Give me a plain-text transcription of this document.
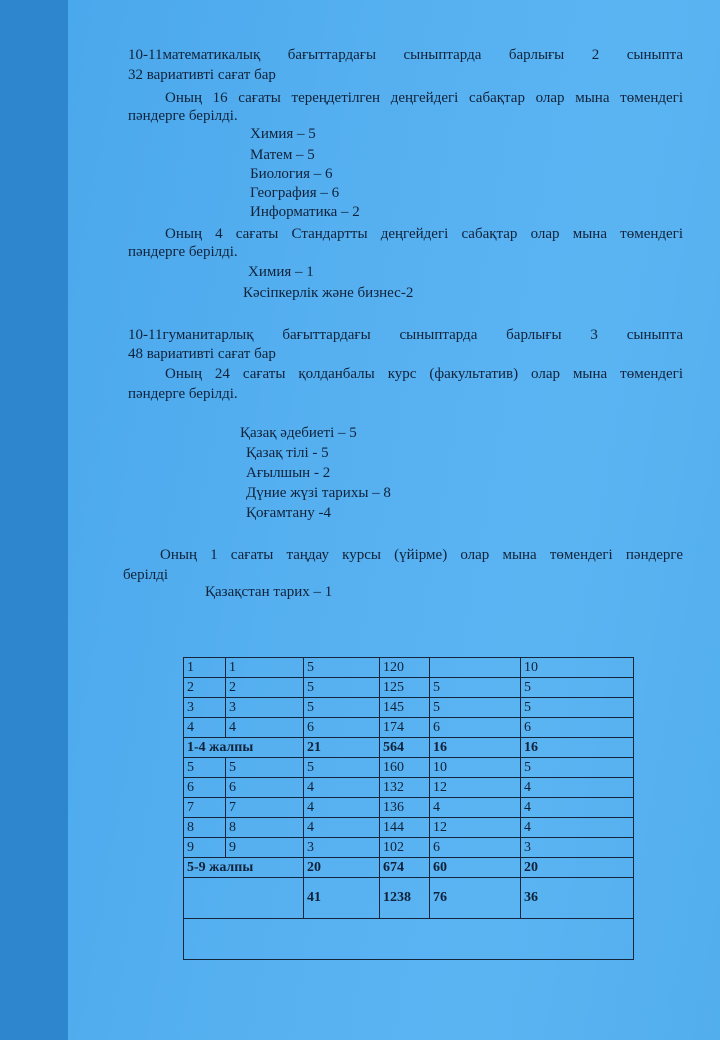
10-11математикалық бағыттардағы сыныптарда барлығы 2 сыныпта
32 вариативті сағат бар
Оның 16 сағаты тереңдетілген деңгейдегі сабақтар олар мына төмендегі
пәндерге берілді.
Химия – 5
Матем – 5
Биология – 6
География – 6
Информатика – 2
Оның 4 сағаты Стандартты деңгейдегі сабақтар олар мына төмендегі
пәндерге берілді.
Химия – 1
Кәсіпкерлік және бизнес-2
10-11гуманитарлық бағыттардағы сыныптарда барлығы 3 сыныпта
48 вариативті сағат бар
Оның 24 сағаты қолданбалы курс (факультатив) олар мына төмендегі
пәндерге берілді.
Қазақ әдебиеті – 5
Қазақ тілі - 5
Ағылшын - 2
Дүние жүзі тарихы – 8
Қоғамтану -4
Оның 1 сағаты таңдау курсы (үйірме) олар мына төмендегі пәндерге
берілді
Қазақстан тарих – 1
1	1	5	120		10
2	2	5	125	5	5
3	3	5	145	5	5
4	4	6	174	6	6
1-4 жалпы		21	564	16	16
5	5	5	160	10	5
6	6	4	132	12	4
7	7	4	136	4	4
8	8	4	144	12	4
9	9	3	102	6	3
5-9 жалпы		20	674	60	20
		41	1238	76	36
